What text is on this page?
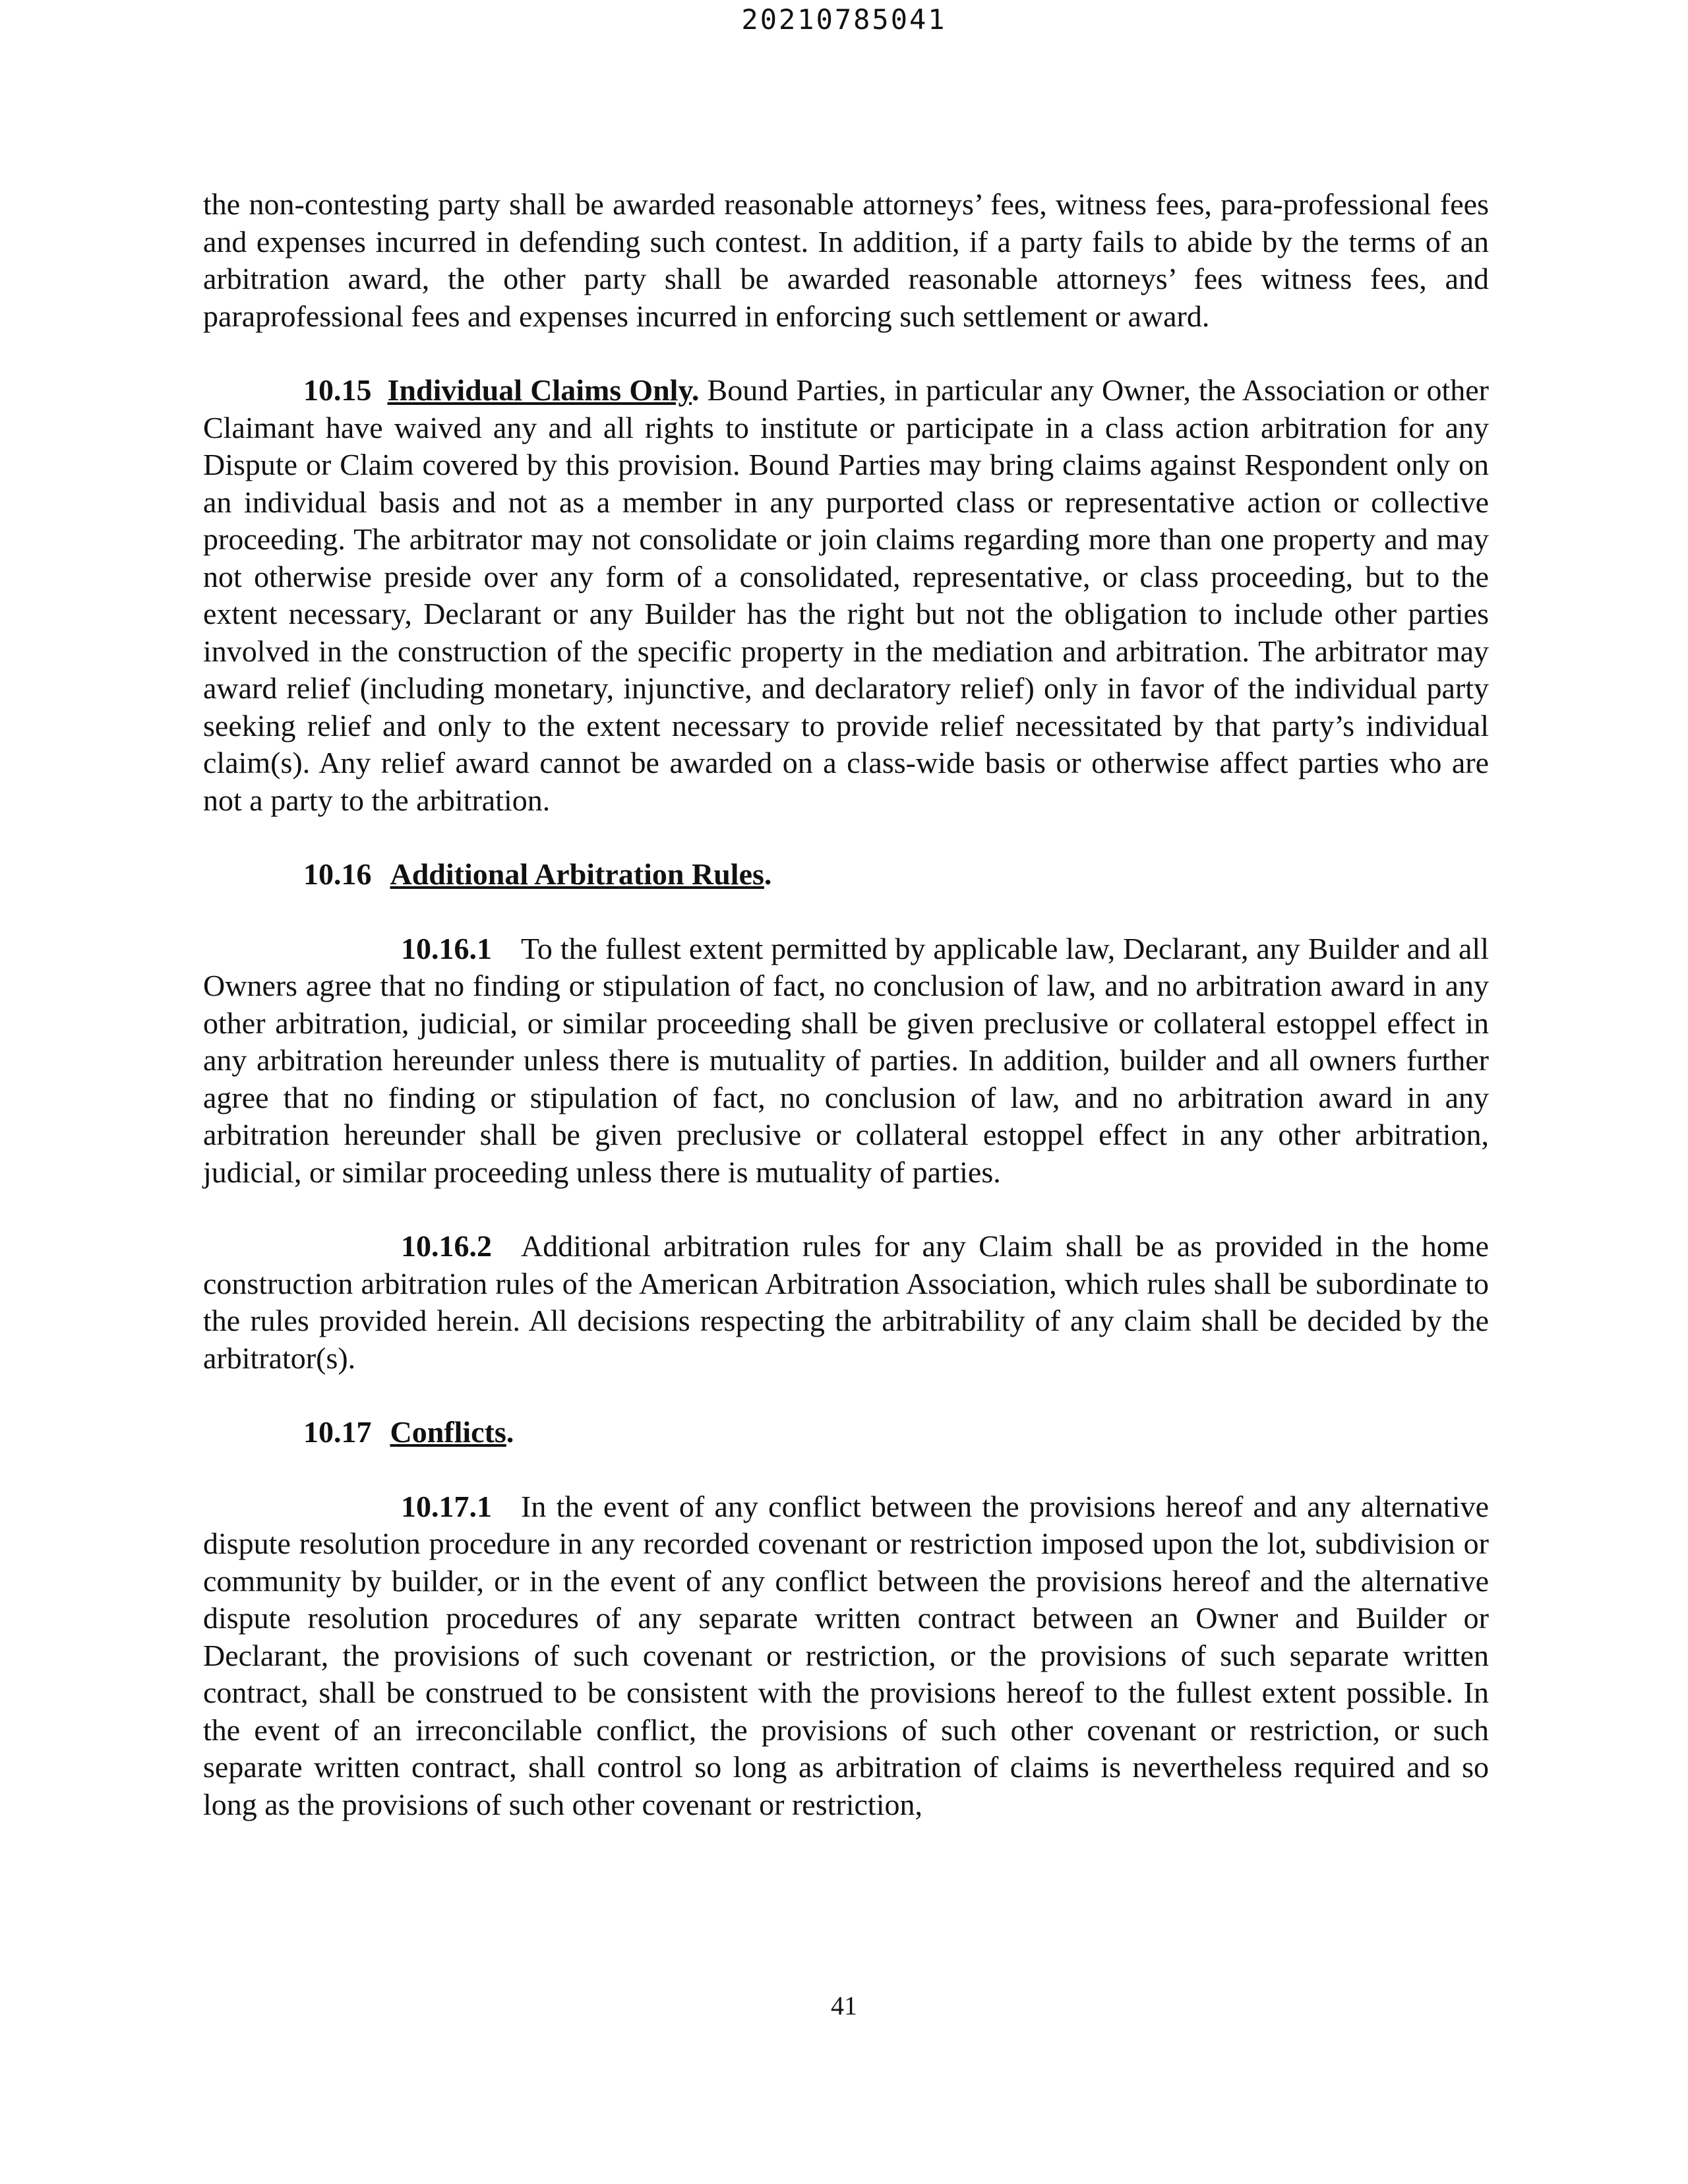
20210785041

the non-contesting party shall be awarded reasonable attorneys’ fees, witness fees, para-professional fees and expenses incurred in defending such contest. In addition, if a party fails to abide by the terms of an arbitration award, the other party shall be awarded reasonable attorneys’ fees witness fees, and paraprofessional fees and expenses incurred in enforcing such settlement or award.

10.15 Individual Claims Only. Bound Parties, in particular any Owner, the Association or other Claimant have waived any and all rights to institute or participate in a class action arbitration for any Dispute or Claim covered by this provision. Bound Parties may bring claims against Respondent only on an individual basis and not as a member in any purported class or representative action or collective proceeding. The arbitrator may not consolidate or join claims regarding more than one property and may not otherwise preside over any form of a consolidated, representative, or class proceeding, but to the extent necessary, Declarant or any Builder has the right but not the obligation to include other parties involved in the construction of the specific property in the mediation and arbitration. The arbitrator may award relief (including monetary, injunctive, and declaratory relief) only in favor of the individual party seeking relief and only to the extent necessary to provide relief necessitated by that party’s individual claim(s). Any relief award cannot be awarded on a class-wide basis or otherwise affect parties who are not a party to the arbitration.

10.16 Additional Arbitration Rules.

10.16.1 To the fullest extent permitted by applicable law, Declarant, any Builder and all Owners agree that no finding or stipulation of fact, no conclusion of law, and no arbitration award in any other arbitration, judicial, or similar proceeding shall be given preclusive or collateral estoppel effect in any arbitration hereunder unless there is mutuality of parties. In addition, builder and all owners further agree that no finding or stipulation of fact, no conclusion of law, and no arbitration award in any arbitration hereunder shall be given preclusive or collateral estoppel effect in any other arbitration, judicial, or similar proceeding unless there is mutuality of parties.

10.16.2 Additional arbitration rules for any Claim shall be as provided in the home construction arbitration rules of the American Arbitration Association, which rules shall be subordinate to the rules provided herein. All decisions respecting the arbitrability of any claim shall be decided by the arbitrator(s).

10.17 Conflicts.

10.17.1 In the event of any conflict between the provisions hereof and any alternative dispute resolution procedure in any recorded covenant or restriction imposed upon the lot, subdivision or community by builder, or in the event of any conflict between the provisions hereof and the alternative dispute resolution procedures of any separate written contract between an Owner and Builder or Declarant, the provisions of such covenant or restriction, or the provisions of such separate written contract, shall be construed to be consistent with the provisions hereof to the fullest extent possible. In the event of an irreconcilable conflict, the provisions of such other covenant or restriction, or such separate written contract, shall control so long as arbitration of claims is nevertheless required and so long as the provisions of such other covenant or restriction,

41
